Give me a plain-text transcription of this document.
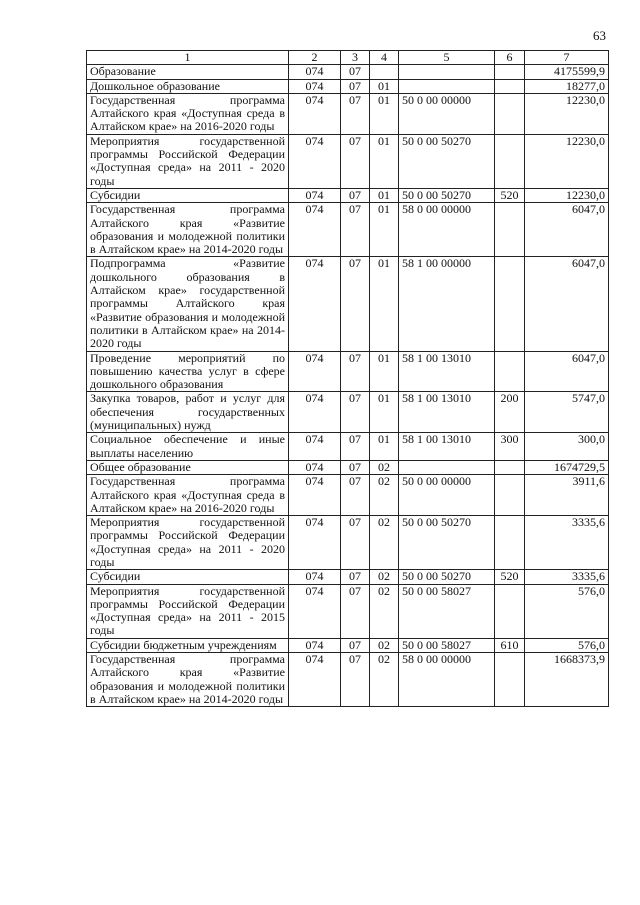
63
1	2	3	4	5	6	7
Образование	074	07				4175599,9
Дошкольное образование	074	07	01			18277,0
Государственная программа Алтайского края «Доступная среда в Алтайском крае» на 2016-2020 годы	074	07	01	50 0 00 00000		12230,0
Мероприятия государственной программы Российской Федерации «Доступная среда» на 2011 - 2020 годы	074	07	01	50 0 00 50270		12230,0
Субсидии	074	07	01	50 0 00 50270	520	12230,0
Государственная программа Алтайского края «Развитие образования и молодежной политики в Алтайском крае» на 2014-2020 годы	074	07	01	58 0 00 00000		6047,0
Подпрограмма «Развитие дошкольного образования в Алтайском крае» государственной программы Алтайского края «Развитие образования и молодежной политики в Алтайском крае» на 2014-2020 годы	074	07	01	58 1 00 00000		6047,0
Проведение мероприятий по повышению качества услуг в сфере дошкольного образования	074	07	01	58 1 00 13010		6047,0
Закупка товаров, работ и услуг для обеспечения государственных (муниципальных) нужд	074	07	01	58 1 00 13010	200	5747,0
Социальное обеспечение и иные выплаты населению	074	07	01	58 1 00 13010	300	300,0
Общее образование	074	07	02			1674729,5
Государственная программа Алтайского края «Доступная среда в Алтайском крае» на 2016-2020 годы	074	07	02	50 0 00 00000		3911,6
Мероприятия государственной программы Российской Федерации «Доступная среда» на 2011 - 2020 годы	074	07	02	50 0 00 50270		3335,6
Субсидии	074	07	02	50 0 00 50270	520	3335,6
Мероприятия государственной программы Российской Федерации «Доступная среда» на 2011 - 2015 годы	074	07	02	50 0 00 58027		576,0
Субсидии бюджетным учреждениям	074	07	02	50 0 00 58027	610	576,0
Государственная программа Алтайского края «Развитие образования и молодежной политики в Алтайском крае» на 2014-2020 годы	074	07	02	58 0 00 00000		1668373,9
